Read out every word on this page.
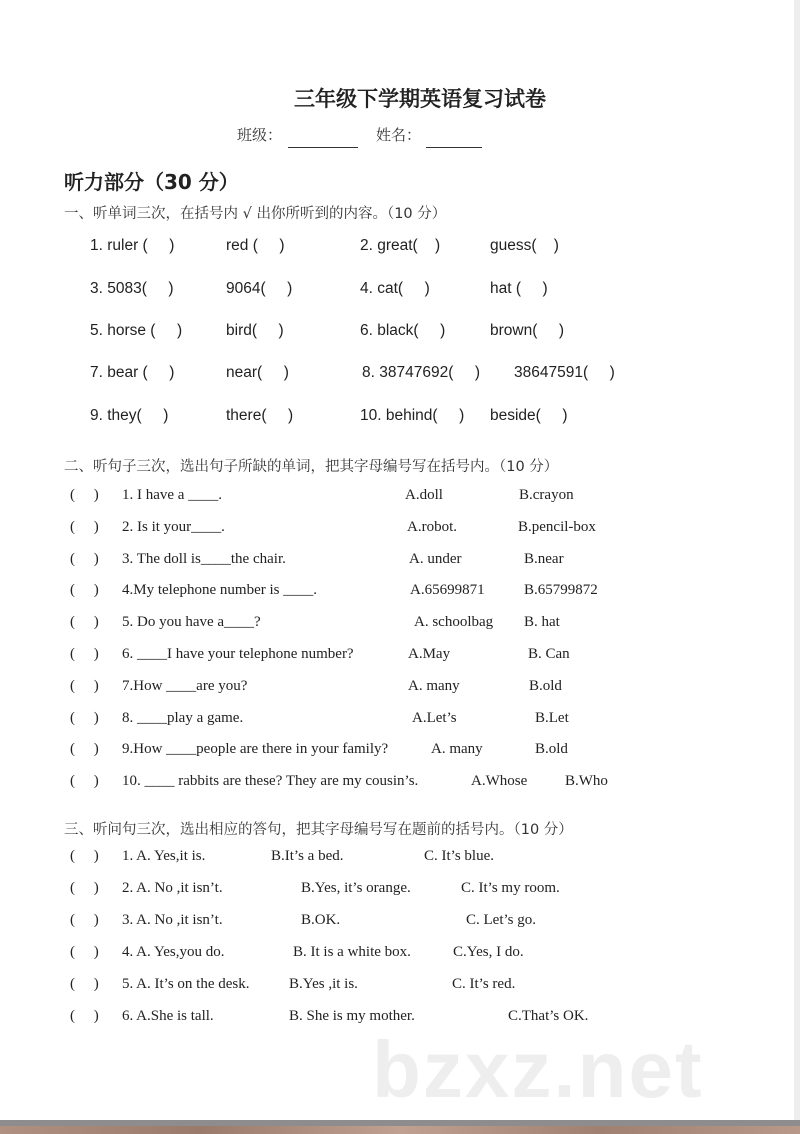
bzxz.net
三年级下学期英语复习试卷
班级：	姓名：
听力部分（30 分）
一、听单词三次，在括号内 √ 出你所听到的内容。（10 分）
1. ruler (     )	red (     )	2. great(    )	guess(    )
3. 5083(     )	9064(     )	4. cat(     )	hat (     )
5. horse (     )	bird(     )	6. black(     )	brown(     )
7. bear (     )	near(     )	8. 38747692(     ) 38647591(     )
9. they(     )	there(     )	10. behind(     ) beside(     )
二、听句子三次，选出句子所缺的单词，把其字母编号写在括号内。（10 分）
(     ) 1. I have a ____.	A.doll	B.crayon
(     ) 2. Is it your____.	A.robot.	B.pencil-box
(     ) 3. The doll is____the chair.	A. under	B.near
(     ) 4.My telephone number is ____.	A.65699871	B.65799872
(     ) 5. Do you have a____?	A. schoolbag B. hat
(     ) 6. ____I have your telephone number?	A.May	B. Can
(     ) 7.How ____are you?	A. many	B.old
(     ) 8. ____play a game.	A.Let’s	B.Let
(     ) 9.How ____people are there in your family?	A. many	B.old
(     ) 10. ____ rabbits are these? They are my cousin’s.	A.Whose	B.Who
三、听问句三次，选出相应的答句，把其字母编号写在题前的括号内。（10 分）
(     ) 1. A. Yes,it is.	B.It’s a bed.	C. It’s blue.
(     ) 2. A. No ,it isn’t.	B.Yes, it’s orange.	C. It’s my room.
(     ) 3. A. No ,it isn’t.	B.OK.	C. Let’s go.
(     ) 4. A. Yes,you do.	B. It is a white box.	C.Yes, I do.
(     ) 5. A. It’s on the desk.	B.Yes ,it is.	C. It’s red.
(     ) 6. A.She is tall.	B. She is my mother.	C.That’s OK.
